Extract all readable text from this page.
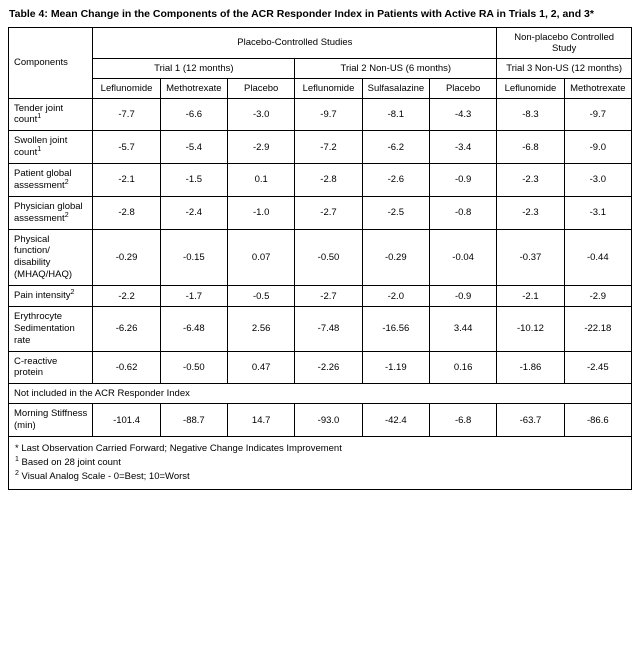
Table 4: Mean Change in the Components of the ACR Responder Index in Patients with Active RA in Trials 1, 2, and 3*
Components	Placebo-Controlled Studies						Non-placebo Controlled Study	
	Trial 1 (12 months)			Trial 2 Non-US (6 months)			Trial 3 Non-US (12 months)	
	Leflunomide	Methotrexate	Placebo	Leflunomide	Sulfasalazine	Placebo	Leflunomide	Methotrexate
Tender joint count$^1$	-7.7	-6.6	-3.0	-9.7	-8.1	-4.3	-8.3	-9.7
Swollen joint count$^1$	-5.7	-5.4	-2.9	-7.2	-6.2	-3.4	-6.8	-9.0
Patient global assessment$^2$	-2.1	-1.5	0.1	-2.8	-2.6	-0.9	-2.3	-3.0
Physician global assessment$^2$	-2.8	-2.4	-1.0	-2.7	-2.5	-0.8	-2.3	-3.1
Physical function/ disability (MHAQ/HAQ)	-0.29	-0.15	0.07	-0.50	-0.29	-0.04	-0.37	-0.44
Pain intensity$^2$	-2.2	-1.7	-0.5	-2.7	-2.0	-0.9	-2.1	-2.9
Erythrocyte Sedimentation rate	-6.26	-6.48	2.56	-7.48	-16.56	3.44	-10.12	-22.18
C-reactive protein	-0.62	-0.50	0.47	-2.26	-1.19	0.16	-1.86	-2.45
Not included in the ACR Responder Index								
Morning Stiffness (min)	-101.4	-88.7	14.7	-93.0	-42.4	-6.8	-63.7	-86.6
* Last Observation Carried Forward; Negative Change Indicates Improvement
$^1$ Based on 28 joint count
$^2$ Visual Analog Scale - 0=Best; 10=Worst
